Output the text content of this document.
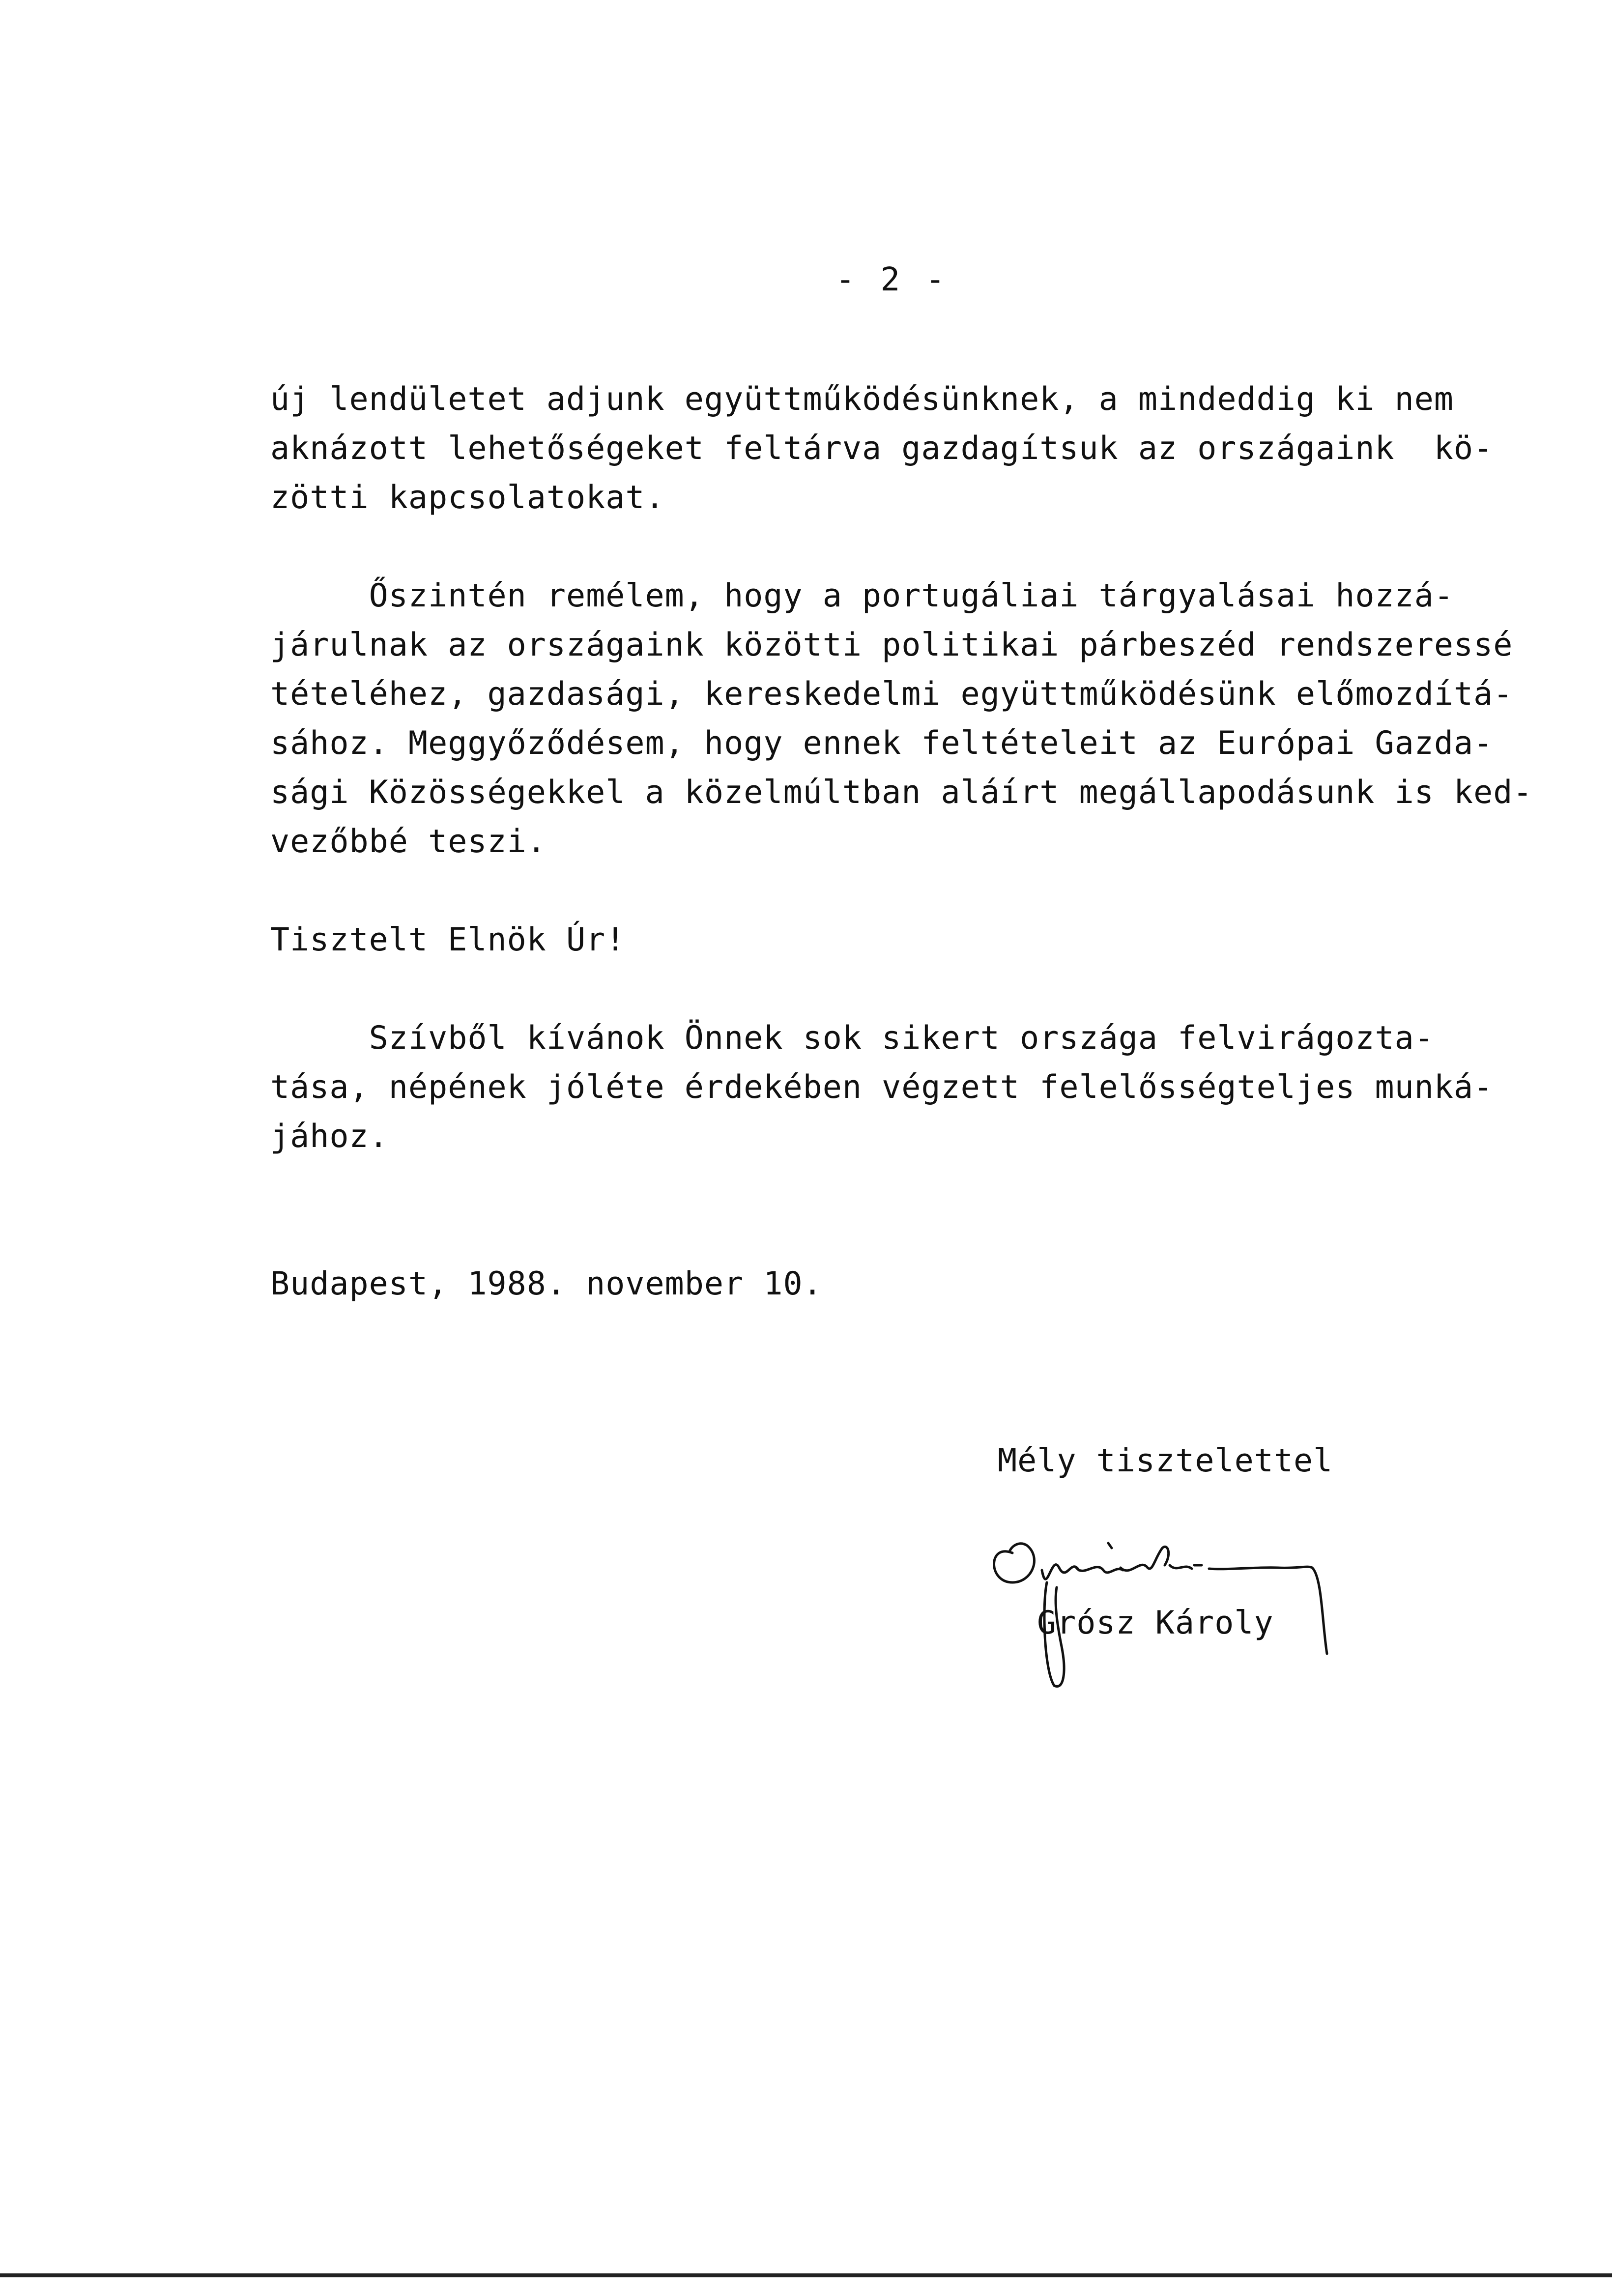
- 2 -
új lendületet adjunk együttműködésünknek, a mindeddig ki nem
aknázott lehetőségeket feltárva gazdagítsuk az országaink  kö-
zötti kapcsolatokat.
Őszintén remélem, hogy a portugáliai tárgyalásai hozzá-
járulnak az országaink közötti politikai párbeszéd rendszeressé
tételéhez, gazdasági, kereskedelmi együttműködésünk előmozdítá-
sához. Meggyőződésem, hogy ennek feltételeit az Európai Gazda-
sági Közösségekkel a közelmúltban aláírt megállapodásunk is ked-
vezőbbé teszi.
Tisztelt Elnök Úr!
Szívből kívánok Önnek sok sikert országa felvirágozta-
tása, népének jóléte érdekében végzett felelősségteljes munká-
jához.
Budapest, 1988. november 10.
Mély tisztelettel
Grósz Károly
